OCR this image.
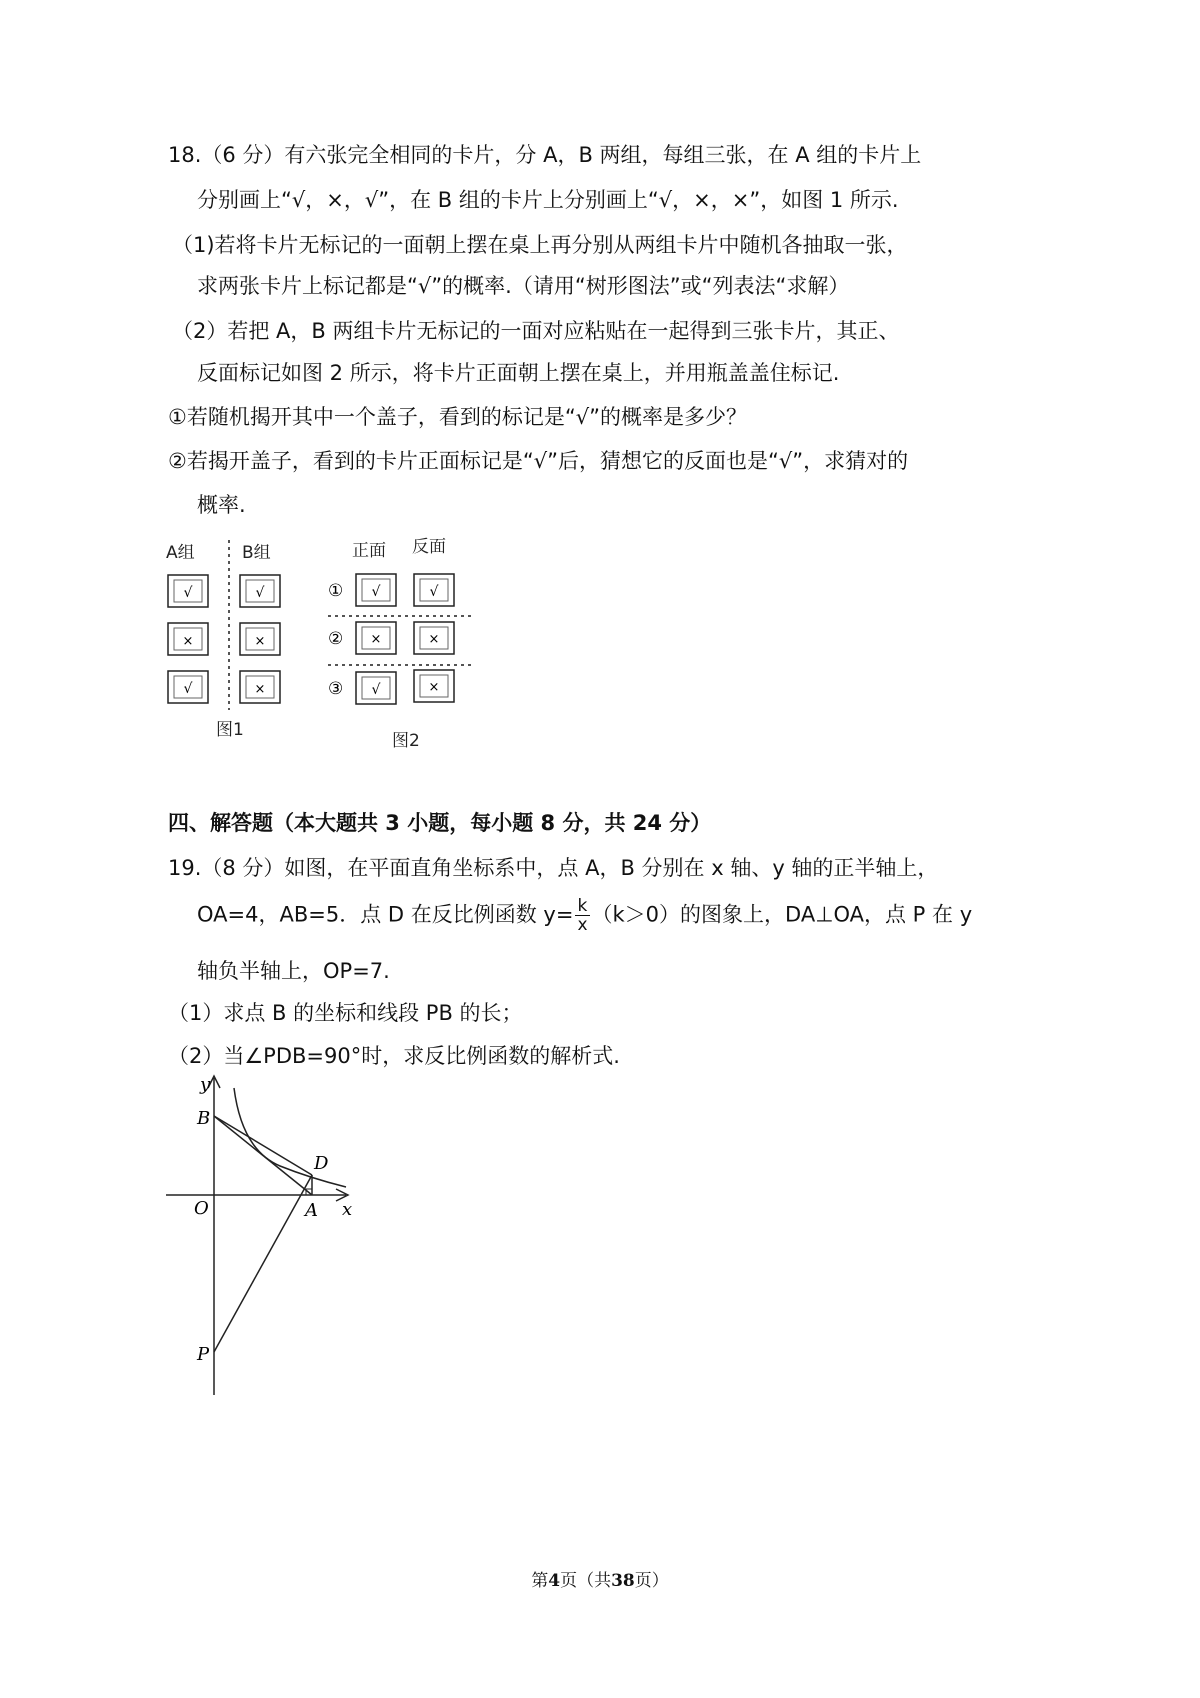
18.（6 分）有六张完全相同的卡片，分 A，B 两组，每组三张，在 A 组的卡片上
分别画上“√，×，√”，在 B 组的卡片上分别画上“√，×，×”，如图 1 所示.
（1)若将卡片无标记的一面朝上摆在桌上再分别从两组卡片中随机各抽取一张，
求两张卡片上标记都是“√”的概率.（请用“树形图法”或“列表法“求解）
（2）若把 A，B 两组卡片无标记的一面对应粘贴在一起得到三张卡片，其正、
反面标记如图 2 所示，将卡片正面朝上摆在桌上，并用瓶盖盖住标记.
①若随机揭开其中一个盖子，看到的标记是“√”的概率是多少？
②若揭开盖子，看到的卡片正面标记是“√”后，猜想它的反面也是“√”，求猜对的
概率.
A组	B组
√
×
√
√
×
×
图1
正面 反面
① √	√
② ×	×
③ √	×
图2
四、解答题（本大题共 3 小题，每小题 8 分，共 24 分）
19.（8 分）如图，在平面直角坐标系中，点 A，B 分别在 x 轴、y 轴的正半轴上，
OA=4，AB=5．点 D 在反比例函数 $y= \frac{k}{x} (k>0)$的图象上，DA⊥OA，点 P 在 y
轴负半轴上，OP=7.
（1）求点 B 的坐标和线段 PB 的长；
（2）当∠PDB=90°时，求反比例函数的解析式.
y
x
B
O	A
D
P
第4页（共38页）
